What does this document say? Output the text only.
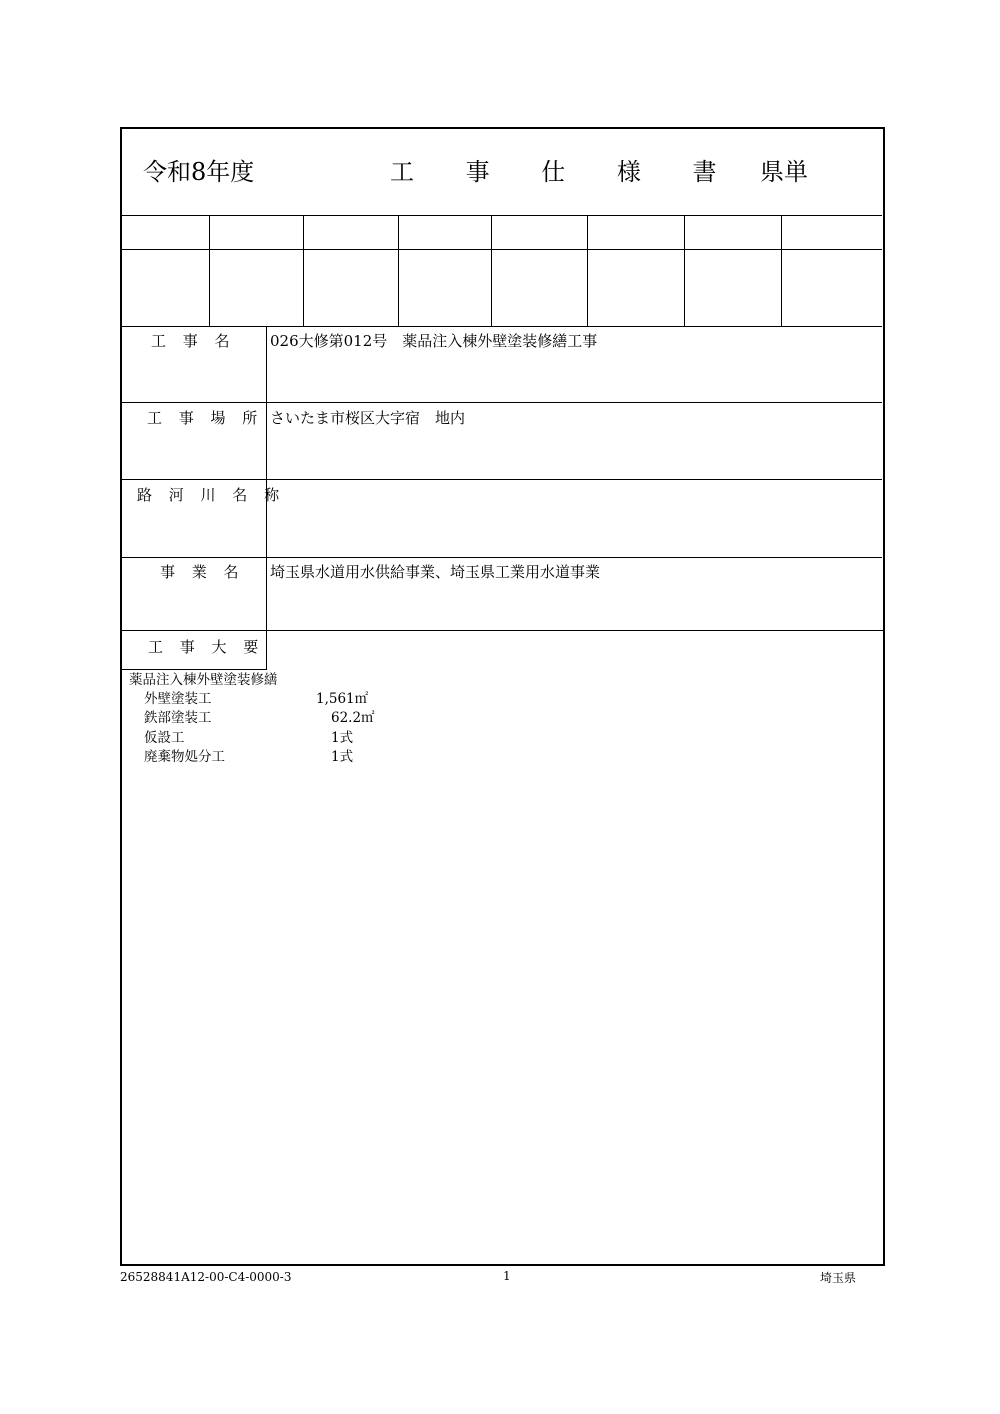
令和8年度	工 事 仕 様 書 県単
工 事 名 026大修第012号　薬品注入棟外壁塗装修繕工事
工 事 場 所 さいたま市桜区大字宿　地内
路 河 川 名 称
事 業 名 埼玉県水道用水供給事業、埼玉県工業用水道事業
工 事 大 要
薬品注入棟外壁塗装修繕
外壁塗装工	1,561㎡
鉄部塗装工	62.2㎡
仮設工	1式
廃棄物処分工	1式
26528841A12-00-C4-0000-3	1	埼玉県
